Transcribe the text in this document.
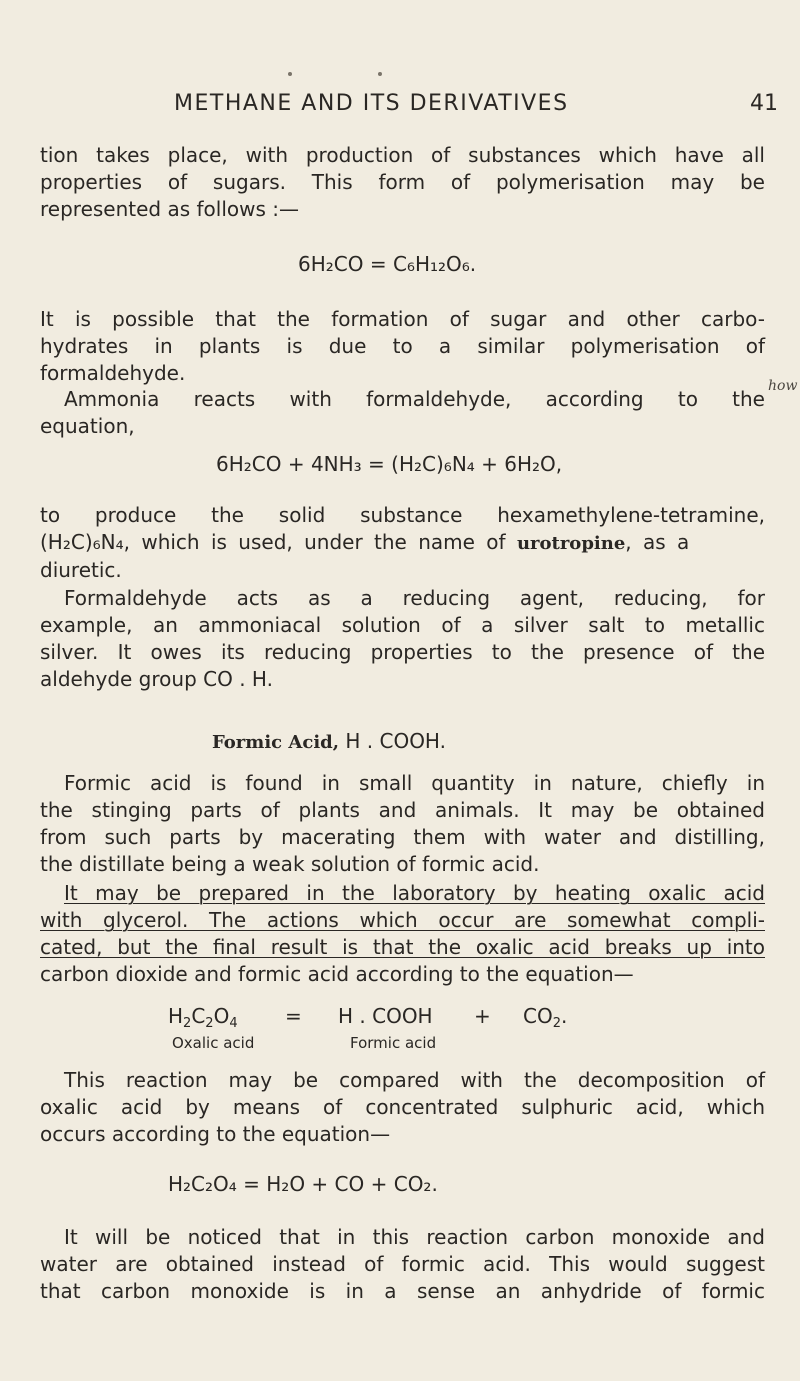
METHANE AND ITS DERIVATIVES	41

tion takes place, with production of substances which have all
properties of sugars. This form of polymerisation may be
represented as follows :—

6H₂CO = C₆H₁₂O₆.

It is possible that the formation of sugar and other carbo-
hydrates in plants is due to a similar polymerisation of
formaldehyde.

Ammonia reacts with formaldehyde, according to the
equation,

6H₂CO + 4NH₃ = (H₂C)₆N₄ + 6H₂O,

to produce the solid substance hexamethylene-tetramine,
(H₂C)₆N₄, which is used, under the name of urotropine, as a
diuretic.

how

Formaldehyde acts as a reducing agent, reducing, for
example, an ammoniacal solution of a silver salt to metallic
silver. It owes its reducing properties to the presence of the
aldehyde group CO . H.

Formic Acid, H . COOH.

Formic acid is found in small quantity in nature, chiefly in
the stinging parts of plants and animals. It may be obtained
from such parts by macerating them with water and distilling,
the distillate being a weak solution of formic acid.

It may be prepared in the laboratory by heating oxalic acid
with glycerol. The actions which occur are somewhat compli-
cated, but the final result is that the oxalic acid breaks up into
carbon dioxide and formic acid according to the equation—

$H_2C_2O_4 = H$ . COOH + $CO_2$.
Oxalic acid	Formic acid

This reaction may be compared with the decomposition of
oxalic acid by means of concentrated sulphuric acid, which
occurs according to the equation—

H₂C₂O₄ = H₂O + CO + CO₂.

It will be noticed that in this reaction carbon monoxide and
water are obtained instead of formic acid. This would suggest
that carbon monoxide is in a sense an anhydride of formic
